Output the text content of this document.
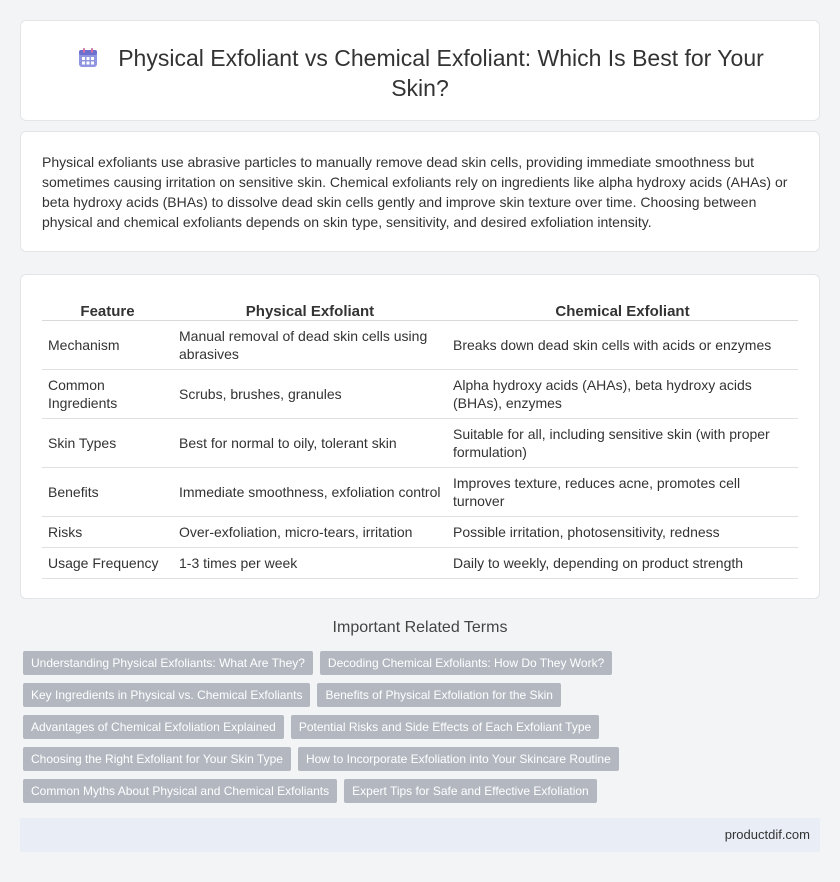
Physical Exfoliant vs Chemical Exfoliant: Which Is Best for Your Skin?

Physical exfoliants use abrasive particles to manually remove dead skin cells, providing immediate smoothness but sometimes causing irritation on sensitive skin. Chemical exfoliants rely on ingredients like alpha hydroxy acids (AHAs) or beta hydroxy acids (BHAs) to dissolve dead skin cells gently and improve skin texture over time. Choosing between physical and chemical exfoliants depends on skin type, sensitivity, and desired exfoliation intensity.

Feature	Physical Exfoliant	Chemical Exfoliant
Mechanism	Manual removal of dead skin cells using abrasives	Breaks down dead skin cells with acids or enzymes
Common Ingredients	Scrubs, brushes, granules	Alpha hydroxy acids (AHAs), beta hydroxy acids (BHAs), enzymes
Skin Types	Best for normal to oily, tolerant skin	Suitable for all, including sensitive skin (with proper formulation)
Benefits	Immediate smoothness, exfoliation control	Improves texture, reduces acne, promotes cell turnover
Risks	Over-exfoliation, micro-tears, irritation	Possible irritation, photosensitivity, redness
Usage Frequency	1-3 times per week	Daily to weekly, depending on product strength
Important Related Terms
Understanding Physical Exfoliants: What Are They?	Decoding Chemical Exfoliants: How Do They Work?
Key Ingredients in Physical vs. Chemical Exfoliants	Benefits of Physical Exfoliation for the Skin
Advantages of Chemical Exfoliation Explained	Potential Risks and Side Effects of Each Exfoliant Type
Choosing the Right Exfoliant for Your Skin Type	How to Incorporate Exfoliation into Your Skincare Routine
Common Myths About Physical and Chemical Exfoliants	Expert Tips for Safe and Effective Exfoliation
productdif.com
